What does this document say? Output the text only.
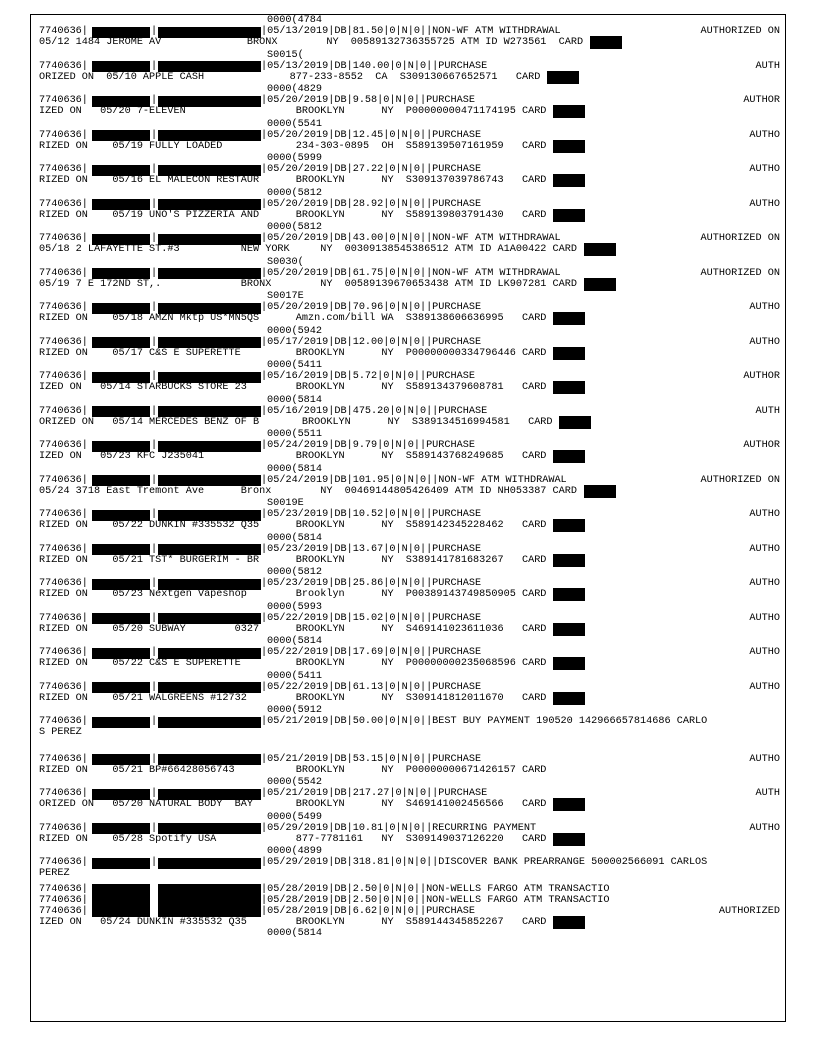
0000(4784
7740636|	|	|05/13/2019|DB|81.50|0|N|0||NON-WF ATM WITHDRAWAL	AUTHORIZED ON
05/12 1484 JEROME AV              BRONX        NY  00589132736355725 ATM ID W273561  CARD
S0015(
7740636|	|	|05/13/2019|DB|140.00|0|N|0||PURCHASE	AUTH
ORIZED ON  05/10 APPLE CASH              877-233-8552  CA  S309130667652571   CARD
0000(4829
7740636|	|	|05/20/2019|DB|9.58|0|N|0||PURCHASE	AUTHOR
IZED ON   05/20 7-ELEVEN                  BROOKLYN      NY  P00000000471174195 CARD
0000(5541
7740636|	|	|05/20/2019|DB|12.45|0|N|0||PURCHASE	AUTHO
RIZED ON    05/19 FULLY LOADED            234-303-0895  OH  S589139507161959   CARD
0000(5999
7740636|	|	|05/20/2019|DB|27.22|0|N|0||PURCHASE	AUTHO
RIZED ON    05/16 EL MALECON RESTAUR      BROOKLYN      NY  S309137039786743   CARD
0000(5812
7740636|	|	|05/20/2019|DB|28.92|0|N|0||PURCHASE	AUTHO
RIZED ON    05/19 UNO'S PIZZERIA AND      BROOKLYN      NY  S589139803791430   CARD
0000(5812
7740636|	|	|05/20/2019|DB|43.00|0|N|0||NON-WF ATM WITHDRAWAL	AUTHORIZED ON
05/18 2 LAFAYETTE ST.#3          NEW YORK     NY  00309138545386512 ATM ID A1A00422 CARD
S0030(
7740636|	|	|05/20/2019|DB|61.75|0|N|0||NON-WF ATM WITHDRAWAL	AUTHORIZED ON
05/19 7 E 172ND ST,.             BRONX        NY  00589139670653438 ATM ID LK907281 CARD
S0017E
7740636|	|	|05/20/2019|DB|70.96|0|N|0||PURCHASE	AUTHO
RIZED ON    05/18 AMZN Mktp US*MN5QS      Amzn.com/bill WA  S389138606636995   CARD
0000(5942
7740636|	|	|05/17/2019|DB|12.00|0|N|0||PURCHASE	AUTHO
RIZED ON    05/17 C&S E SUPERETTE         BROOKLYN      NY  P00000000334796446 CARD
0000(5411
7740636|	|	|05/16/2019|DB|5.72|0|N|0||PURCHASE	AUTHOR
IZED ON   05/14 STARBUCKS STORE 23        BROOKLYN      NY  S589134379608781   CARD
0000(5814
7740636|	|	|05/16/2019|DB|475.20|0|N|0||PURCHASE	AUTH
ORIZED ON   05/14 MERCEDES BENZ OF B       BROOKLYN      NY  S389134516994581   CARD
0000(5511
7740636|	|	|05/24/2019|DB|9.79|0|N|0||PURCHASE	AUTHOR
IZED ON   05/23 KFC J235041               BROOKLYN      NY  S589143768249685   CARD
0000(5814
7740636|	|	|05/24/2019|DB|101.95|0|N|0||NON-WF ATM WITHDRAWAL	AUTHORIZED ON
05/24 3718 East Tremont Ave      Bronx        NY  00469144805426409 ATM ID NH053387 CARD
S0019E
7740636|	|	|05/23/2019|DB|10.52|0|N|0||PURCHASE	AUTHO
RIZED ON    05/22 DUNKIN #335532 Q35      BROOKLYN      NY  S589142345228462   CARD
0000(5814
7740636|	|	|05/23/2019|DB|13.67|0|N|0||PURCHASE	AUTHO
RIZED ON    05/21 TST* BURGERIM - BR      BROOKLYN      NY  S389141781683267   CARD
0000(5812
7740636|	|	|05/23/2019|DB|25.86|0|N|0||PURCHASE	AUTHO
RIZED ON    05/23 Nextgen Vapeshop        Brooklyn      NY  P00389143749850905 CARD
0000(5993
7740636|	|	|05/22/2019|DB|15.02|0|N|0||PURCHASE	AUTHO
RIZED ON    05/20 SUBWAY        0327      BROOKLYN      NY  S469141023611036   CARD
0000(5814
7740636|	|	|05/22/2019|DB|17.69|0|N|0||PURCHASE	AUTHO
RIZED ON    05/22 C&S E SUPERETTE         BROOKLYN      NY  P00000000235068596 CARD
0000(5411
7740636|	|	|05/22/2019|DB|61.13|0|N|0||PURCHASE	AUTHO
RIZED ON    05/21 WALGREENS #12732        BROOKLYN      NY  S309141812011670   CARD
0000(5912
7740636|	|	|05/21/2019|DB|50.00|0|N|0||BEST BUY PAYMENT 190520 142966657814686 CARLO
S PEREZ
7740636|	|	|05/21/2019|DB|53.15|0|N|0||PURCHASE	AUTHO
RIZED ON    05/21 BP#66428056743          BROOKLYN      NY  P00000000671426157 CARD
0000(5542
7740636|	|	|05/21/2019|DB|217.27|0|N|0||PURCHASE	AUTH
ORIZED ON   05/20 NATURAL BODY  BAY       BROOKLYN      NY  S469141002456566   CARD
0000(5499
7740636|	|	|05/29/2019|DB|10.81|0|N|0||RECURRING PAYMENT	AUTHO
RIZED ON    05/28 Spotify USA             877-7781161   NY  S309149037126220   CARD
0000(4899
7740636|	|	|05/29/2019|DB|318.81|0|N|0||DISCOVER BANK PREARRANGE 500002566091 CARLOS
PEREZ
7740636|	|05/28/2019|DB|2.50|0|N|0||NON-WELLS FARGO ATM TRANSACTIO
7740636|	|05/28/2019|DB|2.50|0|N|0||NON-WELLS FARGO ATM TRANSACTIO
7740636|	|05/28/2019|DB|6.62|0|N|0||PURCHASE	AUTHORIZED
IZED ON   05/24 DUNKIN #335532 Q35        BROOKLYN      NY  S589144345852267   CARD
0000(5814
